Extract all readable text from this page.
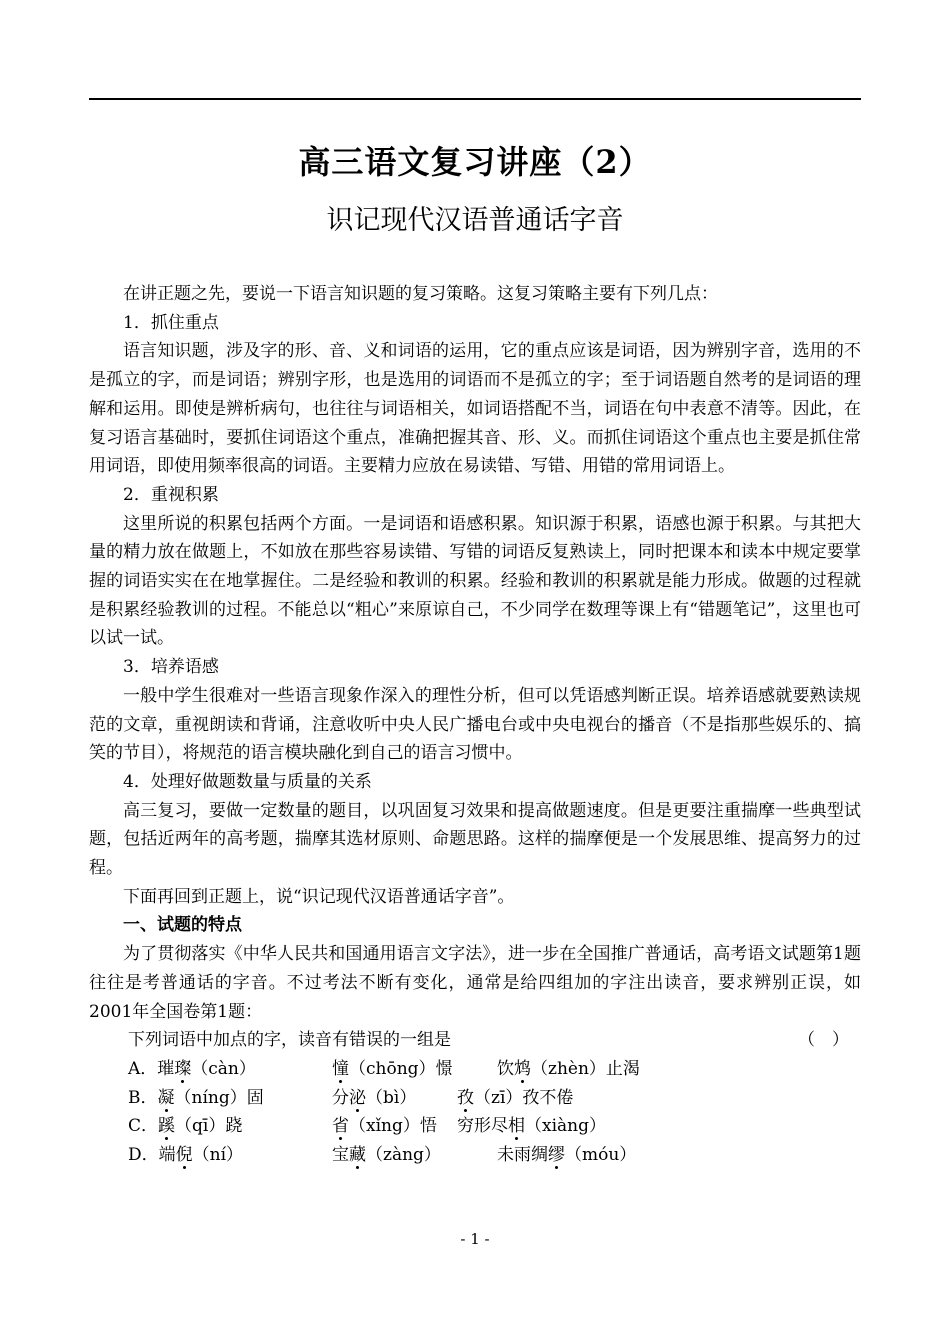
高三语文复习讲座（2）
识记现代汉语普通话字音

在讲正题之先，要说一下语言知识题的复习策略。这复习策略主要有下列几点：

1．抓住重点

语言知识题，涉及字的形、音、义和词语的运用，它的重点应该是词语，因为辨别字音，选用的不是孤立的字，而是词语；辨别字形，也是选用的词语而不是孤立的字；至于词语题自然考的是词语的理解和运用。即使是辨析病句，也往往与词语相关，如词语搭配不当，词语在句中表意不清等。因此，在复习语言基础时，要抓住词语这个重点，准确把握其音、形、义。而抓住词语这个重点也主要是抓住常用词语，即使用频率很高的词语。主要精力应放在易读错、写错、用错的常用词语上。

2．重视积累

这里所说的积累包括两个方面。一是词语和语感积累。知识源于积累，语感也源于积累。与其把大量的精力放在做题上，不如放在那些容易读错、写错的词语反复熟读上，同时把课本和读本中规定要掌握的词语实实在在地掌握住。二是经验和教训的积累。经验和教训的积累就是能力形成。做题的过程就是积累经验教训的过程。不能总以“粗心”来原谅自己，不少同学在数理等课上有“错题笔记”，这里也可以试一试。

3．培养语感

一般中学生很难对一些语言现象作深入的理性分析，但可以凭语感判断正误。培养语感就要熟读规范的文章，重视朗读和背诵，注意收听中央人民广播电台或中央电视台的播音（不是指那些娱乐的、搞笑的节目），将规范的语言模块融化到自己的语言习惯中。

4．处理好做题数量与质量的关系

高三复习，要做一定数量的题目，以巩固复习效果和提高做题速度。但是更要注重揣摩一些典型试题，包括近两年的高考题，揣摩其选材原则、命题思路。这样的揣摩便是一个发展思维、提高努力的过程。

下面再回到正题上，说“识记现代汉语普通话字音”。

一、试题的特点

为了贯彻落实《中华人民共和国通用语言文字法》，进一步在全国推广普通话，高考语文试题第1题往往是考普通话的字音。不过考法不断有变化，通常是给四组加的字注出读音，要求辨别正误，如2001年全国卷第1题：

下列词语中加点的字，读音有错误的一组是	（　）
A．璀璨（càn）	憧（chōng）憬	饮鸩（zhèn）止渴
B．凝（níng）固	分泌（bì） 孜（zī）孜不倦
C．蹊（qī）跷	省（xǐng）悟 穷形尽相（xiàng）
D．端倪（ní）	宝藏（zàng）	未雨绸缪（móu）
- 1 -
